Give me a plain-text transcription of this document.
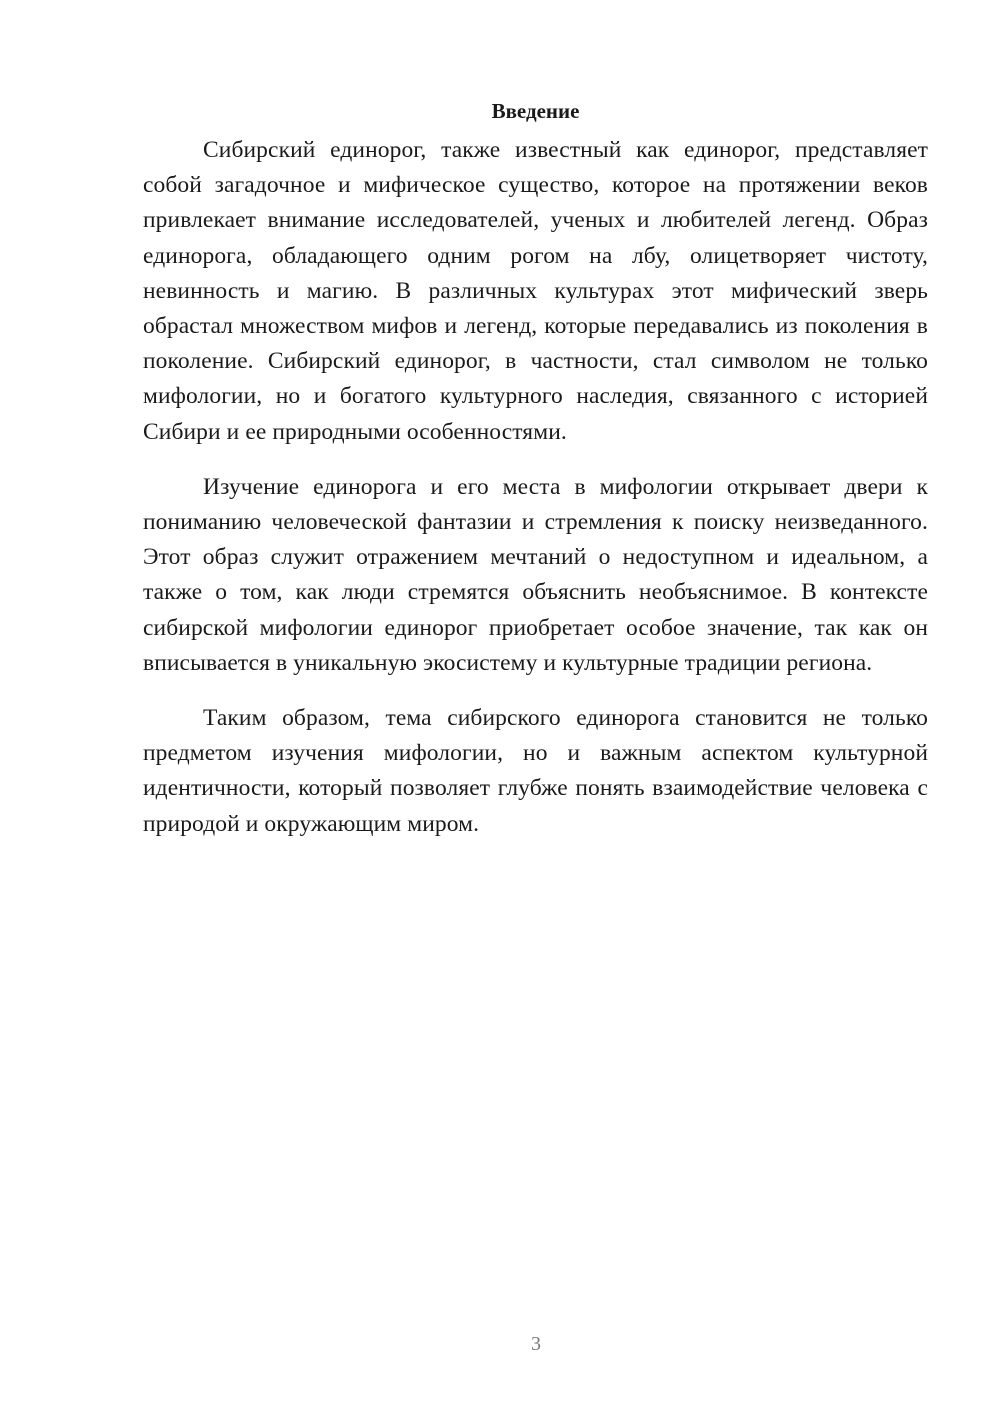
Введение

Сибирский единорог, также известный как единорог, представляет собой загадочное и мифическое существо, которое на протяжении веков привлекает внимание исследователей, ученых и любителей легенд. Образ единорога, обладающего одним рогом на лбу, олицетворяет чистоту, невинность и магию. В различных культурах этот мифический зверь обрастал множеством мифов и легенд, которые передавались из поколения в поколение. Сибирский единорог, в частности, стал символом не только мифологии, но и богатого культурного наследия, связанного с историей Сибири и ее природными особенностями.

Изучение единорога и его места в мифологии открывает двери к пониманию человеческой фантазии и стремления к поиску неизведанного. Этот образ служит отражением мечтаний о недоступном и идеальном, а также о том, как люди стремятся объяснить необъяснимое. В контексте сибирской мифологии единорог приобретает особое значение, так как он вписывается в уникальную экосистему и культурные традиции региона.

Таким образом, тема сибирского единорога становится не только предметом изучения мифологии, но и важным аспектом культурной идентичности, который позволяет глубже понять взаимодействие человека с природой и окружающим миром.

3
